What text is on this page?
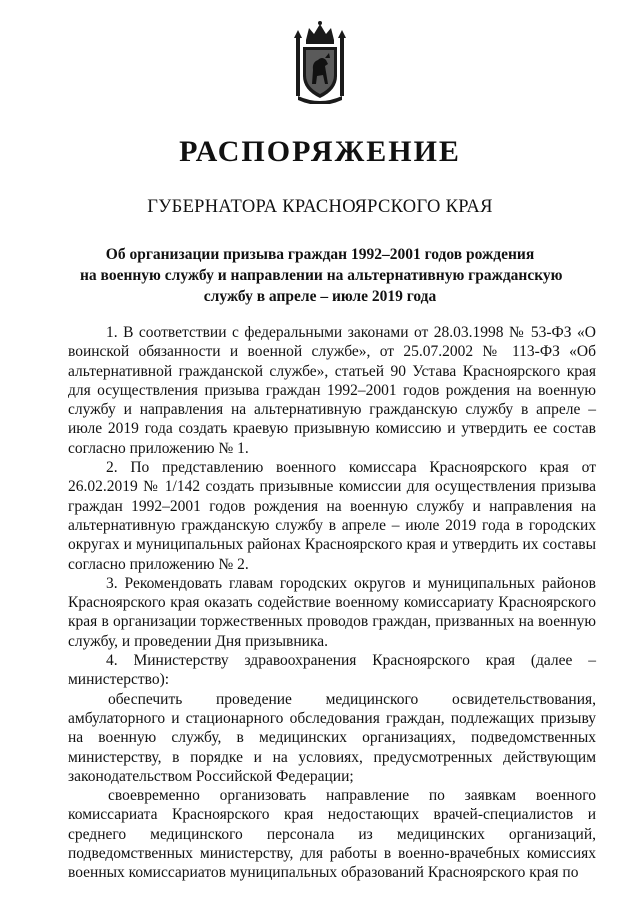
РАСПОРЯЖЕНИЕ
ГУБЕРНАТОРА КРАСНОЯРСКОГО КРАЯ
Об организации призыва граждан 1992–2001 годов рождения
на военную службу и направлении на альтернативную гражданскую
службу в апреле – июле 2019 года

1. В соответствии с федеральными законами от 28.03.1998 № 53-ФЗ «О воинской обязанности и военной службе», от 25.07.2002 № 113-ФЗ «Об альтернативной гражданской службе», статьей 90 Устава Красноярского края для осуществления призыва граждан 1992–2001 годов рождения на военную службу и направления на альтернативную гражданскую службу в апреле – июле 2019 года создать краевую призывную комиссию и утвердить ее состав согласно приложению № 1.

2. По представлению военного комиссара Красноярского края от 26.02.2019 № 1/142 создать призывные комиссии для осуществления призыва граждан 1992–2001 годов рождения на военную службу и направления на альтернативную гражданскую службу в апреле – июле 2019 года в городских округах и муниципальных районах Красноярского края и утвердить их составы согласно приложению № 2.

3. Рекомендовать главам городских округов и муниципальных районов Красноярского края оказать содействие военному комиссариату Красноярского края в организации торжественных проводов граждан, призванных на военную службу, и проведении Дня призывника.

4. Министерству здравоохранения Красноярского края (далее – министерство):

обеспечить проведение медицинского освидетельствования, амбулаторного и стационарного обследования граждан, подлежащих призыву на военную службу, в медицинских организациях, подведомственных министерству, в порядке и на условиях, предусмотренных действующим законодательством Российской Федерации;

своевременно организовать направление по заявкам военного комиссариата Красноярского края недостающих врачей-специалистов и среднего медицинского персонала из медицинских организаций, подведомственных министерству, для работы в военно-врачебных комиссиях военных комиссариатов муниципальных образований Красноярского края по
